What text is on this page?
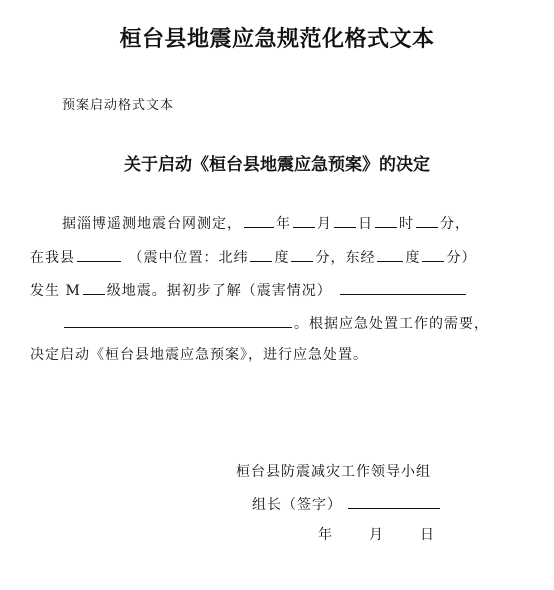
桓台县地震应急规范化格式文本
预案启动格式文本
关于启动《桓台县地震应急预案》的决定
据淄博遥测地震台网测定， 年 月 日 时 分，
在我县	（震中位置：北纬 度 分，东经 度 分）
发生 M 级地震。据初步了解（震害情况）
。根据应急处置工作的需要，
决定启动《桓台县地震应急预案》，进行应急处置。
桓台县防震减灾工作领导小组
组长（签字）
年	月	日
